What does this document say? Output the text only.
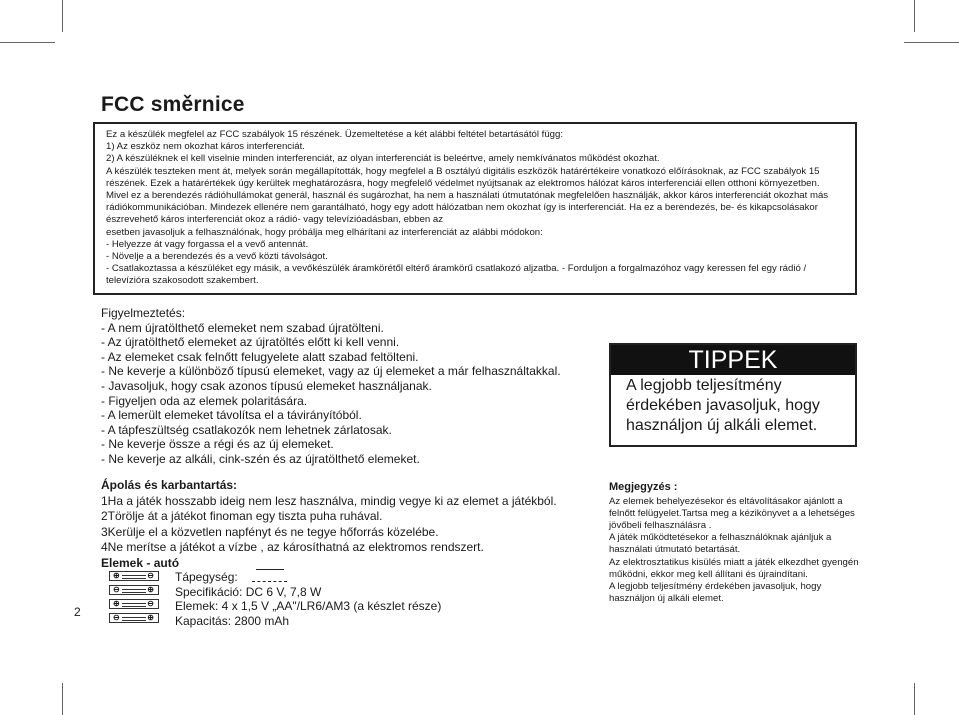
FCC směrnice

Ez a készülék megfelel az FCC szabályok 15 részének. Üzemeltetése a két alábbi feltétel betartásától függ:

1) Az eszköz nem okozhat káros interferenciát.

2) A készüléknek el kell viselnie minden interferenciát, az olyan interferenciát is beleértve, amely nemkívánatos működést okozhat.

A készülék teszteken ment át, melyek során megállapították, hogy megfelel a B osztályú digitális eszközök határértékeire vonatkozó előírásoknak, az FCC szabályok 15 részének. Ezek a határértékek úgy kerültek meghatározásra, hogy megfelelő védelmet nyújtsanak az elektromos hálózat káros interferenciái ellen otthoni környezetben.

Mivel ez a berendezés rádióhullámokat generál, használ és sugározhat, ha nem a használati útmutatónak megfelelően használják, akkor káros interferenciát okozhat más rádiókommunikációban. Mindezek ellenére nem garantálható, hogy egy adott hálózatban nem okozhat így is interferenciát. Ha ez a berendezés, be- és kikapcsolásakor észrevehető káros interferenciát okoz a rádió- vagy televízióadásban, ebben az

esetben javasoljuk a felhasználónak, hogy próbálja meg elhárítani az interferenciát az alábbi módokon:

- Helyezze át vagy forgassa el a vevő antennát.

- Növelje a a berendezés és a vevő közti távolságot.

- Csatlakoztassa a készüléket egy másik, a vevőkészülék áramkörétől eltérő áramkörű csatlakozó aljzatba. - Forduljon a forgalmazóhoz vagy keressen fel egy rádió / televízióra szakosodott szakembert.

Figyelmeztetés:

- A nem újratölthető elemeket nem szabad újratölteni.

- Az újratölthető elemeket az újratöltés előtt ki kell venni.

- Az elemeket csak felnőtt felugyelete alatt szabad feltölteni.

- Ne keverje a különböző típusú elemeket, vagy az új elemeket a már felhasználtakkal.

- Javasoljuk, hogy csak azonos típusú elemeket használjanak.

- Figyeljen oda az elemek polaritására.

- A lemerült elemeket távolítsa el a távirányítóból.

- A tápfeszültség csatlakozók nem lehetnek zárlatosak.

- Ne keverje össze a régi és az új elemeket.

- Ne keverje az alkáli, cink-szén és az újratölthető elemeket.

TIPPEK
A legjobb teljesítmény
érdekében javasoljuk, hogy
használjon új alkáli elemet.

Ápolás és karbantartás:

1Ha a játék hosszabb ideig nem lesz használva, mindig vegye ki az elemet a játékból.

2Törölje át a játékot finoman egy tiszta puha ruhával.

3Kerülje el a közvetlen napfényt és ne tegye hőforrás közelébe.

4Ne merítse a játékot a vízbe , az károsíthatná az elektromos rendszert.

Elemek - autó
⊕	⊖
⊖	⊕
⊕	⊖
⊖	⊕

Tápegység:

Specifikáció: DC 6 V, 7,8 W

Elemek: 4 x 1,5 V „AA"/LR6/AM3 (a készlet része)

Kapacitás: 2800 mAh

2

Megjegyzés :

Az elemek behelyezésekor és eltávolításakor ajánlott a felnőtt felügyelet.Tartsa meg a kézikönyvet a a lehetséges jövőbeli felhasználásra .

A játék működtetésekor a felhasználóknak ajánljuk a használati útmutató betartását.

Az elektrosztatikus kisülés miatt a játék elkezdhet gyengén működni, ekkor meg kell állítani és újraindítani.

A legjobb teljesítmény érdekében javasoljuk, hogy használjon új alkáli elemet.
